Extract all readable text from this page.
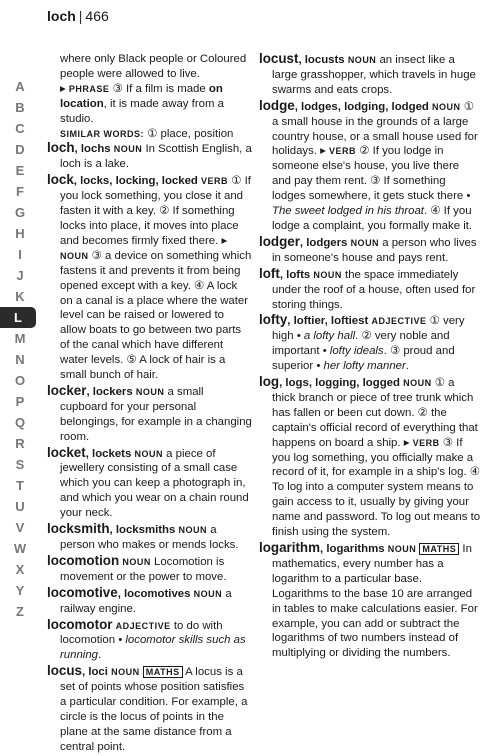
loch | 466
A
B
C
D
E
F
G
H
I
J
K
L
M
N
O
P
Q
R
S
T
U
V
W
X
Y
Z

where only Black people or Coloured people were allowed to live.

▸ PHRASE ③ If a film is made on location, it is made away from a studio.

SIMILAR WORDS: ① place, position

loch, lochs NOUN In Scottish English, a loch is a lake.

lock, locks, locking, locked VERB ① If you lock something, you close it and fasten it with a key. ② If something locks into place, it moves into place and becomes firmly fixed there. ▸ NOUN ③ a device on something which fastens it and prevents it from being opened except with a key. ④ A lock on a canal is a place where the water level can be raised or lowered to allow boats to go between two parts of the canal which have different water levels. ⑤ A lock of hair is a small bunch of hair.

locker, lockers NOUN a small cupboard for your personal belongings, for example in a changing room.

locket, lockets NOUN a piece of jewellery consisting of a small case which you can keep a photograph in, and which you wear on a chain round your neck.

locksmith, locksmiths NOUN a person who makes or mends locks.

locomotion NOUN Locomotion is movement or the power to move.

locomotive, locomotives NOUN a railway engine.

locomotor ADJECTIVE to do with locomotion • locomotor skills such as running.

locus, loci NOUN MATHS A locus is a set of points whose position satisfies a particular condition. For example, a circle is the locus of points in the plane at the same distance from a central point.

locust, locusts NOUN an insect like a large grasshopper, which travels in huge swarms and eats crops.

lodge, lodges, lodging, lodged NOUN ① a small house in the grounds of a large country house, or a small house used for holidays. ▸ VERB ② If you lodge in someone else's house, you live there and pay them rent. ③ If something lodges somewhere, it gets stuck there • The sweet lodged in his throat. ④ If you lodge a complaint, you formally make it.

lodger, lodgers NOUN a person who lives in someone's house and pays rent.

loft, lofts NOUN the space immediately under the roof of a house, often used for storing things.

lofty, loftier, loftiest ADJECTIVE ① very high • a lofty hall. ② very noble and important • lofty ideals. ③ proud and superior • her lofty manner.

log, logs, logging, logged NOUN ① a thick branch or piece of tree trunk which has fallen or been cut down. ② the captain's official record of everything that happens on board a ship. ▸ VERB ③ If you log something, you officially make a record of it, for example in a ship's log. ④ To log into a computer system means to gain access to it, usually by giving your name and password. To log out means to finish using the system.

logarithm, logarithms NOUN MATHS In mathematics, every number has a logarithm to a particular base. Logarithms to the base 10 are arranged in tables to make calculations easier. For example, you can add or subtract the logarithms of two numbers instead of multiplying or dividing the numbers.
